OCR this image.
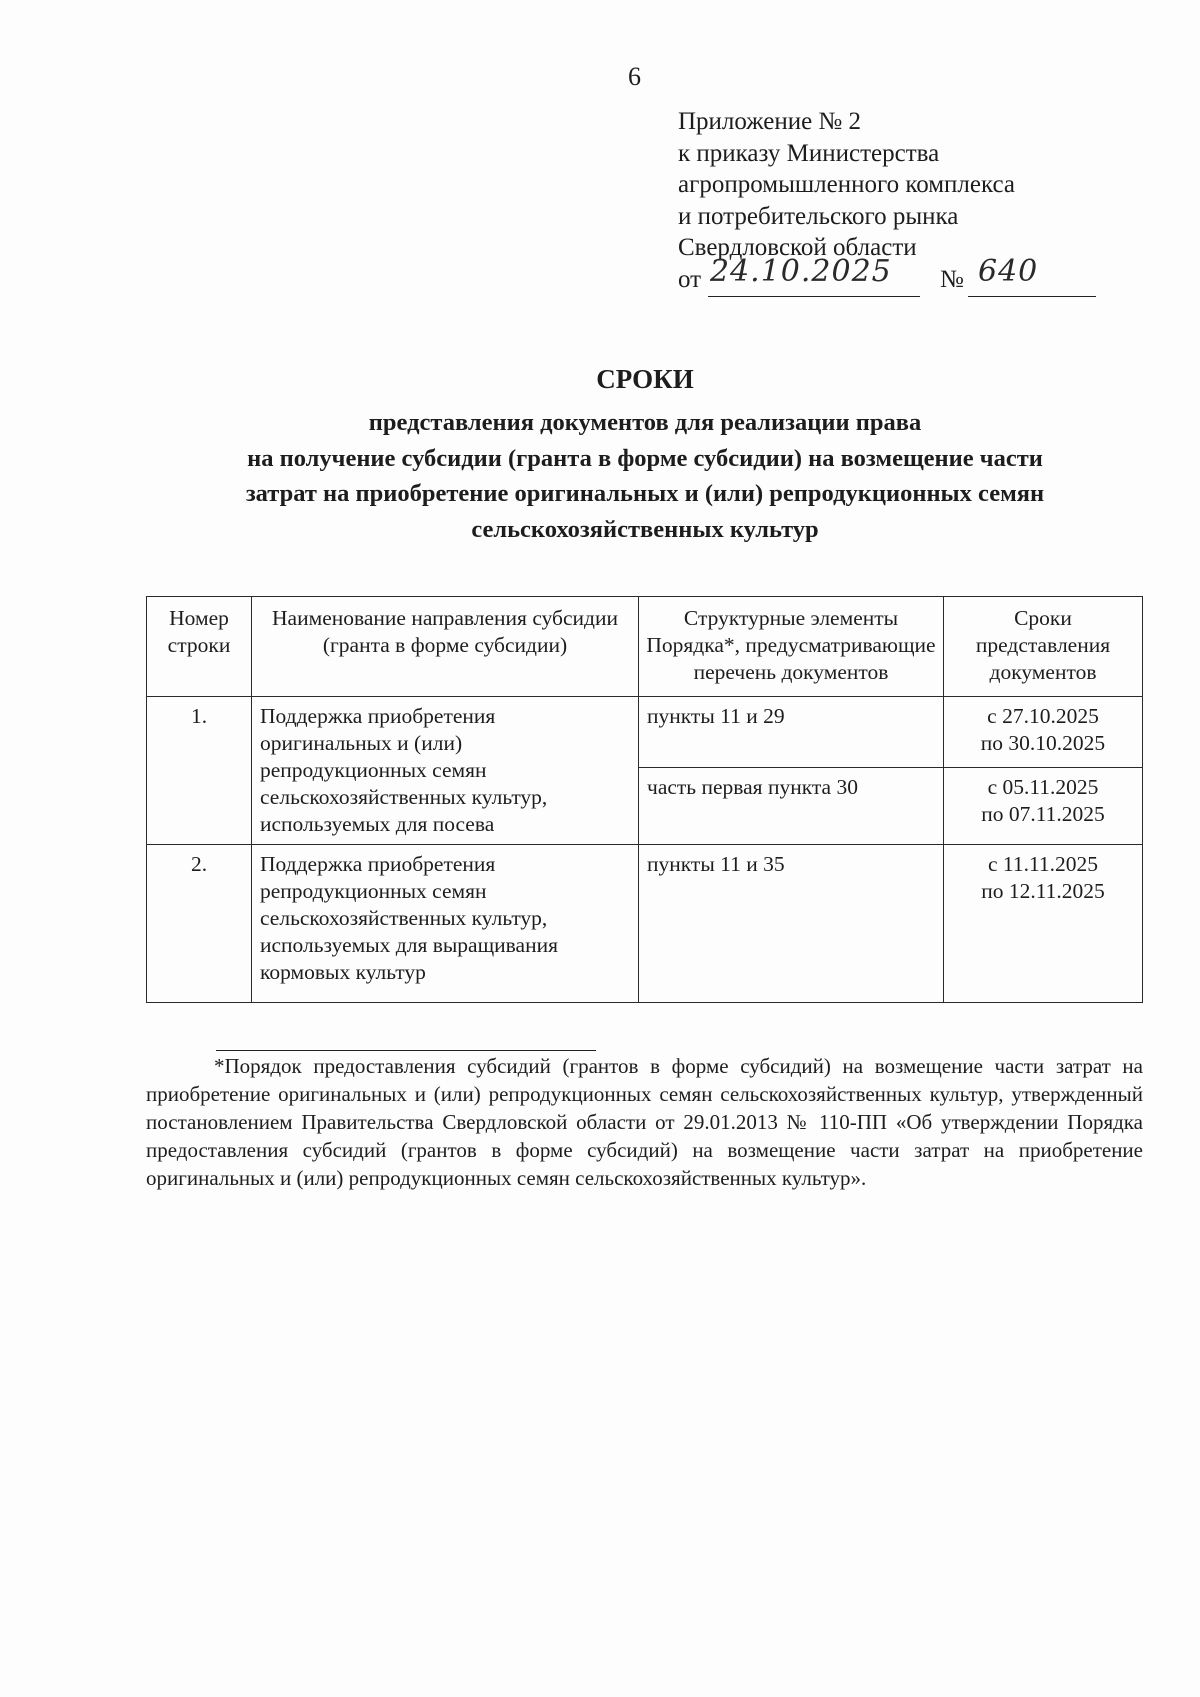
6
Приложение № 2
к приказу Министерства
агропромышленного комплекса
и потребительского рынка
Свердловской области
от 24.10.2025 № 640
СРОКИ
представления документов для реализации права
на получение субсидии (гранта в форме субсидии) на возмещение части
затрат на приобретение оригинальных и (или) репродукционных семян
сельскохозяйственных культур
Номер строки	Наименование направления субсидии (гранта в форме субсидии)	Структурные элементы Порядка*, предусматривающие перечень документов	Сроки представления документов
1.	Поддержка приобретения оригинальных и (или) репродукционных семян сельскохозяйственных культур, используемых для посева	пункты 11 и 29	с 27.10.2025
по 30.10.2025

		часть первая пункта 30	с 05.11.2025
по 07.11.2025

2.	Поддержка приобретения репродукционных семян сельскохозяйственных культур, используемых для выращивания кормовых культур	пункты 11 и 35	с 11.11.2025
по 12.11.2025
*Порядок предоставления субсидий (грантов в форме субсидий) на возмещение части затрат на приобретение оригинальных и (или) репродукционных семян сельскохозяйственных культур, утвержденный постановлением Правительства Свердловской области от 29.01.2013 № 110-ПП «Об утверждении Порядка предоставления субсидий (грантов в форме субсидий) на возмещение части затрат на приобретение оригинальных и (или) репродукционных семян сельскохозяйственных культур».
